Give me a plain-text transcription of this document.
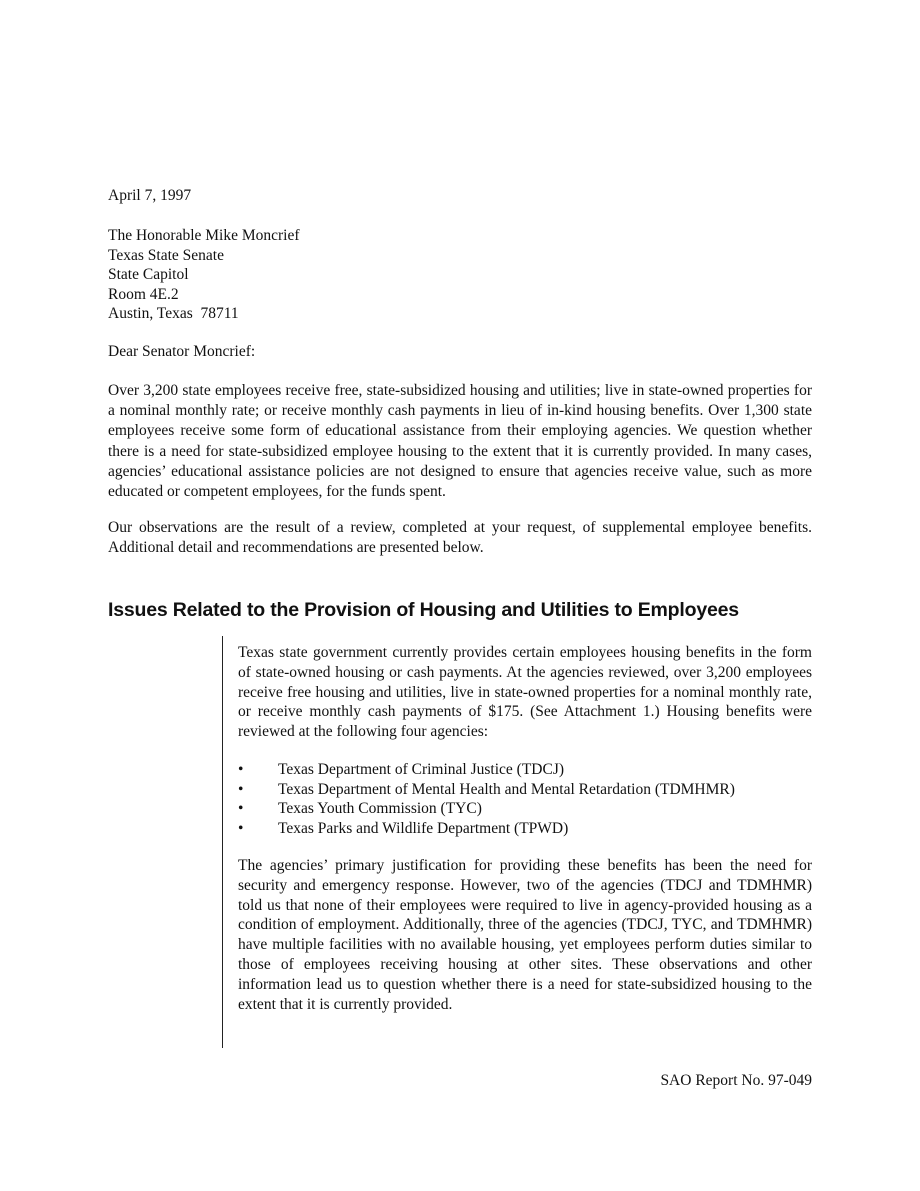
April 7, 1997
The Honorable Mike Moncrief
Texas State Senate
State Capitol
Room 4E.2
Austin, Texas  78711
Dear Senator Moncrief:

Over 3,200 state employees receive free, state-subsidized housing and utilities; live in state-owned properties for a nominal monthly rate; or receive monthly cash payments in lieu of in-kind housing benefits. Over 1,300 state employees receive some form of educational assistance from their employing agencies. We question whether there is a need for state-subsidized employee housing to the extent that it is currently provided. In many cases, agencies’ educational assistance policies are not designed to ensure that agencies receive value, such as more educated or competent employees, for the funds spent.

Our observations are the result of a review, completed at your request, of supplemental employee benefits. Additional detail and recommendations are presented below.

Issues Related to the Provision of Housing and Utilities to Employees

Texas state government currently provides certain employees housing benefits in the form of state-owned housing or cash payments. At the agencies reviewed, over 3,200 employees receive free housing and utilities, live in state-owned properties for a nominal monthly rate, or receive monthly cash payments of $175. (See Attachment 1.) Housing benefits were reviewed at the following four agencies:

• Texas Department of Criminal Justice (TDCJ)
• Texas Department of Mental Health and Mental Retardation (TDMHMR)
• Texas Youth Commission (TYC)
• Texas Parks and Wildlife Department (TPWD)

The agencies’ primary justification for providing these benefits has been the need for security and emergency response. However, two of the agencies (TDCJ and TDMHMR) told us that none of their employees were required to live in agency-provided housing as a condition of employment. Additionally, three of the agencies (TDCJ, TYC, and TDMHMR) have multiple facilities with no available housing, yet employees perform duties similar to those of employees receiving housing at other sites. These observations and other information lead us to question whether there is a need for state-subsidized housing to the extent that it is currently provided.

SAO Report No. 97-049
